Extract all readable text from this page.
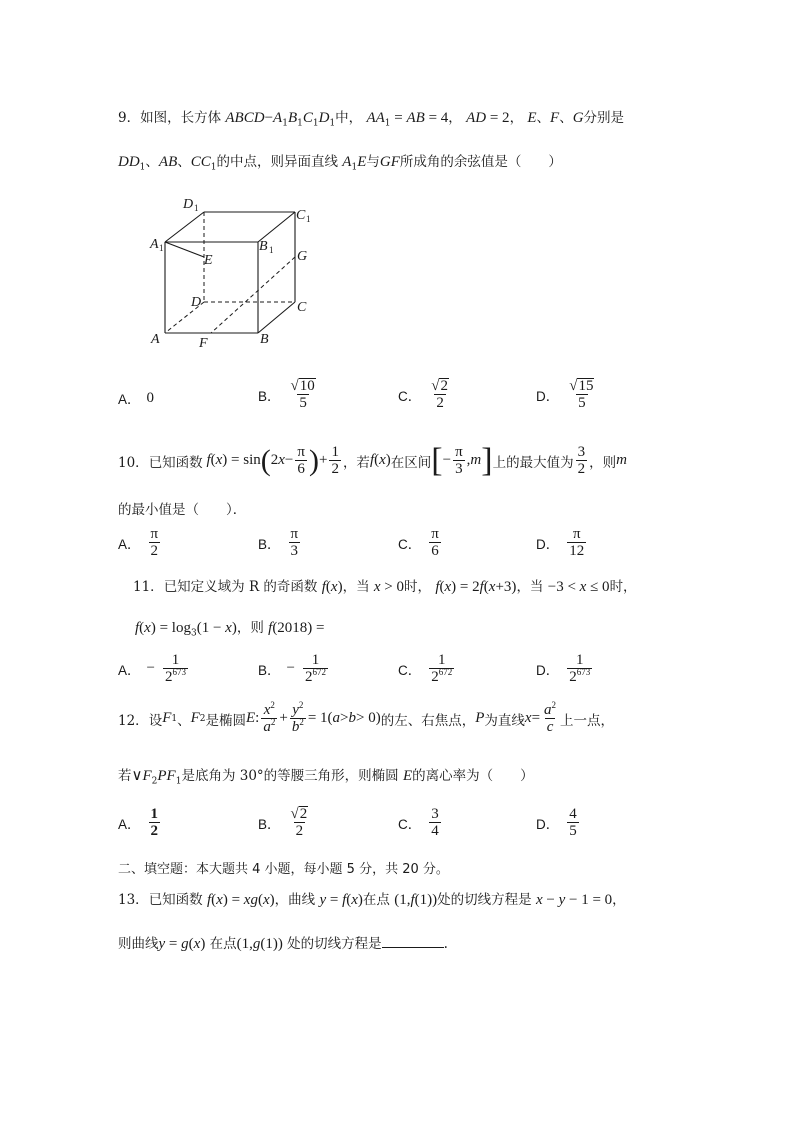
9．如图，长方体 $ABCD-A_1B_1C_1D_1$中， $AA_1$ = AB = 4， AD = 2， E、F、G分别是
$DD_1$、AB、$CC_1$的中点，则异面直线 $A_1E$与GF所成角的余弦值是（　　）
D 1	C 1
A 1	B 1
E	G
D	C
A	F	B
A． 0	B． $\frac{√ 10}{5}$	C． $\frac{√ 2}{2}$	D． $\frac{√ 15}{5}$
10． 已知函数 f ( x ) = sin ( 2 $x - \frac{\pi}{6}$ ) + $\frac{1}{2}$ ，若 f ( x ) 在区间 [ − $\frac{\pi}{3}$ , m ] 上的最大值为 $\frac{3}{2}$ ，则 m
的最小值是（　　）．
A． $\frac{\pi}{2}$	B． $\frac{\pi}{3}$	C． $\frac{\pi}{6}$	D． $\frac{\pi}{12}$
11．已知定义域为 R 的奇函数 f(x)，当 x > 0时， f(x) = 2f(x+3)，当 −3 < x ≤ 0时，
$f(x) = \log_3(1 - x)$，则 f(2018) =
A． − $\frac{1}{2^{673}}$	B． − $\frac{1}{2^{672}}$	C． $\frac{1}{2^{672}}$	D． $\frac{1}{2^{673}}$
12． 设 F 1 、 F 2 是椭圆 E : $\frac{x^2}{a^2} + \frac{y^2}{b^2} = 1$( a > b > 0) 的左、右焦点， P 为直线 $x = \frac{a^2}{c}$ 上一点，
若$\vee F_2PF_1$是底角为 30°的等腰三角形，则椭圆 E的离心率为（　　）
A． $\frac{1}{2}$	B． $\frac{√ 2}{2}$	C． $\frac{3}{4}$	D． $\frac{4}{5}$
二、填空题：本大题共 4 小题，每小题 5 分，共 20 分。
13．已知函数 f(x) = xg(x)，曲线 y = f(x)在点 (1,f(1))处的切线方程是 x − y − 1 = 0，
则曲线y = g(x) 在点(1,g(1)) 处的切线方程是	.
